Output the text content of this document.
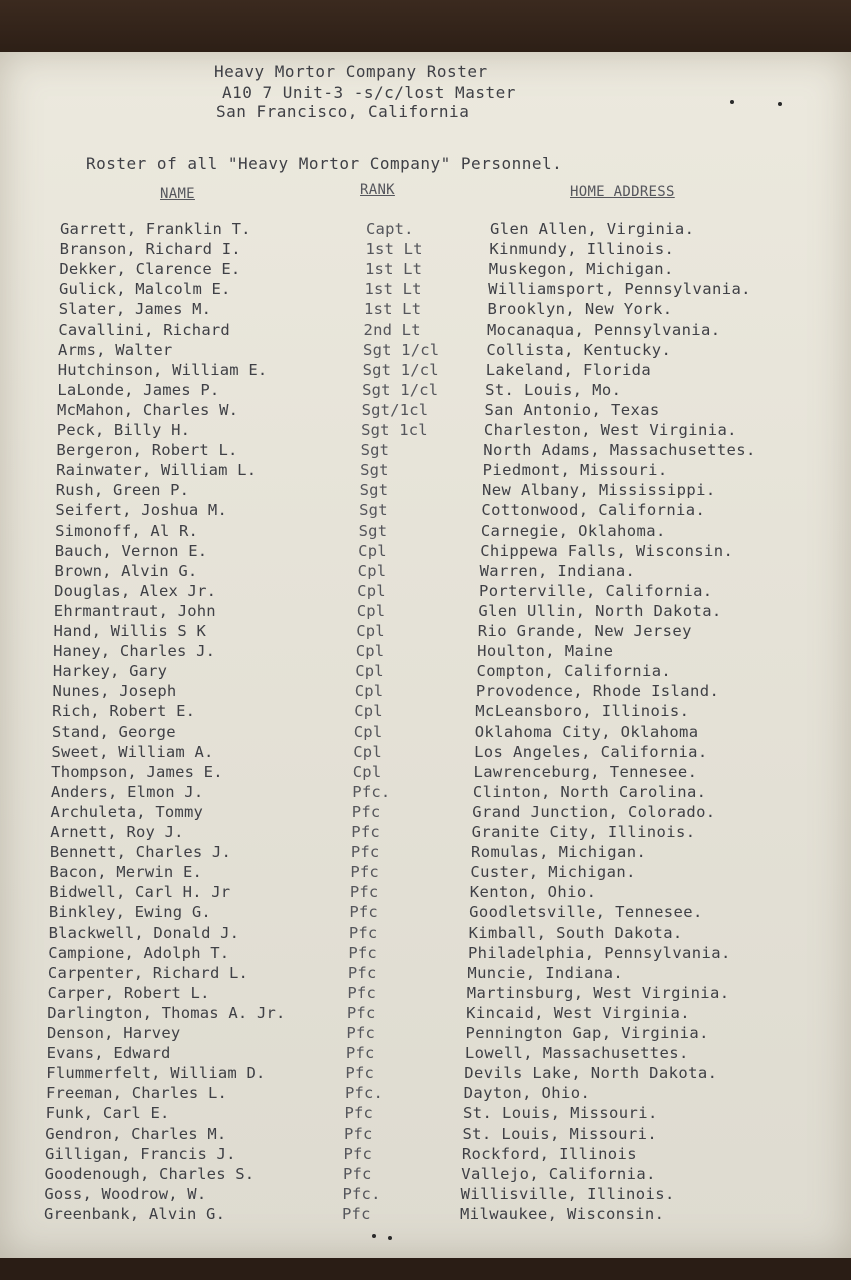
Heavy Mortor Company Roster
A10 7 Unit-3 -s/c/lost Master
San Francisco, California
Roster of all "Heavy Mortor Company" Personnel.
NAME	RANK	HOME ADDRESS
Garrett, Franklin T.	Capt.	Glen Allen, Virginia.
Branson, Richard I.	1st Lt	Kinmundy, Illinois.
Dekker, Clarence E.	1st Lt	Muskegon, Michigan.
Gulick, Malcolm E.	1st Lt	Williamsport, Pennsylvania.
Slater, James M.	1st Lt	Brooklyn, New York.
Cavallini, Richard	2nd Lt	Mocanaqua, Pennsylvania.
Arms, Walter	Sgt 1/cl	Collista, Kentucky.
Hutchinson, William E.	Sgt 1/cl	Lakeland, Florida
LaLonde, James P.	Sgt 1/cl	St. Louis, Mo.
McMahon, Charles W.	Sgt/1cl	San Antonio, Texas
Peck, Billy H.	Sgt 1cl	Charleston, West Virginia.
Bergeron, Robert L.	Sgt	North Adams, Massachusettes.
Rainwater, William L.	Sgt	Piedmont, Missouri.
Rush, Green P.	Sgt	New Albany, Mississippi.
Seifert, Joshua M.	Sgt	Cottonwood, California.
Simonoff, Al R.	Sgt	Carnegie, Oklahoma.
Bauch, Vernon E.	Cpl	Chippewa Falls, Wisconsin.
Brown, Alvin G.	Cpl	Warren, Indiana.
Douglas, Alex Jr.	Cpl	Porterville, California.
Ehrmantraut, John	Cpl	Glen Ullin, North Dakota.
Hand, Willis S K	Cpl	Rio Grande, New Jersey
Haney, Charles J.	Cpl	Houlton, Maine
Harkey, Gary	Cpl	Compton, California.
Nunes, Joseph	Cpl	Provodence, Rhode Island.
Rich, Robert E.	Cpl	McLeansboro, Illinois.
Stand, George	Cpl	Oklahoma City, Oklahoma
Sweet, William A.	Cpl	Los Angeles, California.
Thompson, James E.	Cpl	Lawrenceburg, Tennesee.
Anders, Elmon J.	Pfc.	Clinton, North Carolina.
Archuleta, Tommy	Pfc	Grand Junction, Colorado.
Arnett, Roy J.	Pfc	Granite City, Illinois.
Bennett, Charles J.	Pfc	Romulas, Michigan.
Bacon, Merwin E.	Pfc	Custer, Michigan.
Bidwell, Carl H. Jr	Pfc	Kenton, Ohio.
Binkley, Ewing G.	Pfc	Goodletsville, Tennesee.
Blackwell, Donald J.	Pfc	Kimball, South Dakota.
Campione, Adolph T.	Pfc	Philadelphia, Pennsylvania.
Carpenter, Richard L.	Pfc	Muncie, Indiana.
Carper, Robert L.	Pfc	Martinsburg, West Virginia.
Darlington, Thomas A. Jr.	Pfc	Kincaid, West Virginia.
Denson, Harvey	Pfc	Pennington Gap, Virginia.
Evans, Edward	Pfc	Lowell, Massachusettes.
Flummerfelt, William D.	Pfc	Devils Lake, North Dakota.
Freeman, Charles L.	Pfc.	Dayton, Ohio.
Funk, Carl E.	Pfc	St. Louis, Missouri.
Gendron, Charles M.	Pfc	St. Louis, Missouri.
Gilligan, Francis J.	Pfc	Rockford, Illinois
Goodenough, Charles S.	Pfc	Vallejo, California.
Goss, Woodrow, W.	Pfc.	Willisville, Illinois.
Greenbank, Alvin G.	Pfc	Milwaukee, Wisconsin.
